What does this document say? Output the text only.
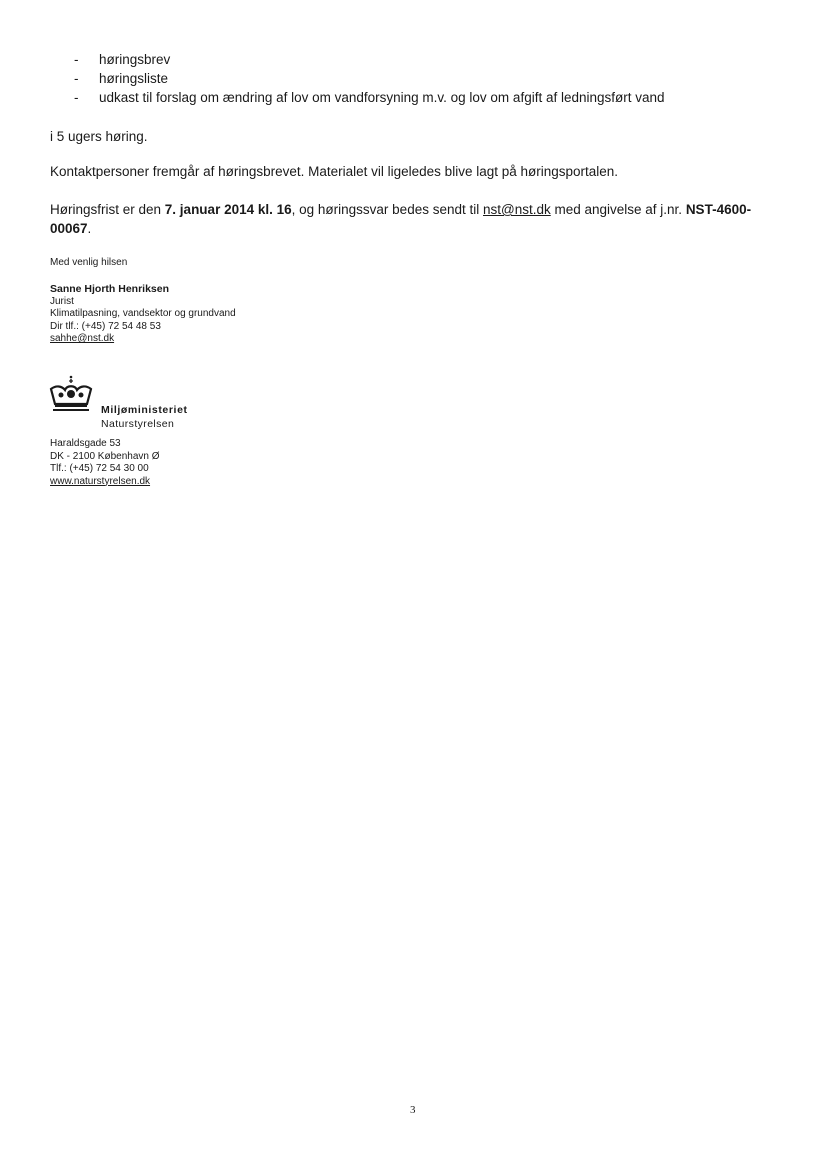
- høringsbrev
- høringsliste
- udkast til forslag om ændring af lov om vandforsyning m.v. og lov om afgift af ledningsført vand

i 5 ugers høring.

Kontaktpersoner fremgår af høringsbrevet. Materialet vil ligeledes blive lagt på høringsportalen.

Høringsfrist er den 7. januar 2014 kl. 16, og høringssvar bedes sendt til nst@nst.dk med angivelse af j.nr. NST-4600-00067.

Med venlig hilsen

Sanne Hjorth Henriksen
Jurist
Klimatilpasning, vandsektor og grundvand
Dir tlf.: (+45) 72 54 48 53
sahhe@nst.dk
Miljøministeriet
Naturstyrelsen
Haraldsgade 53
DK - 2100 København Ø
Tlf.: (+45) 72 54 30 00
www.naturstyrelsen.dk
3
